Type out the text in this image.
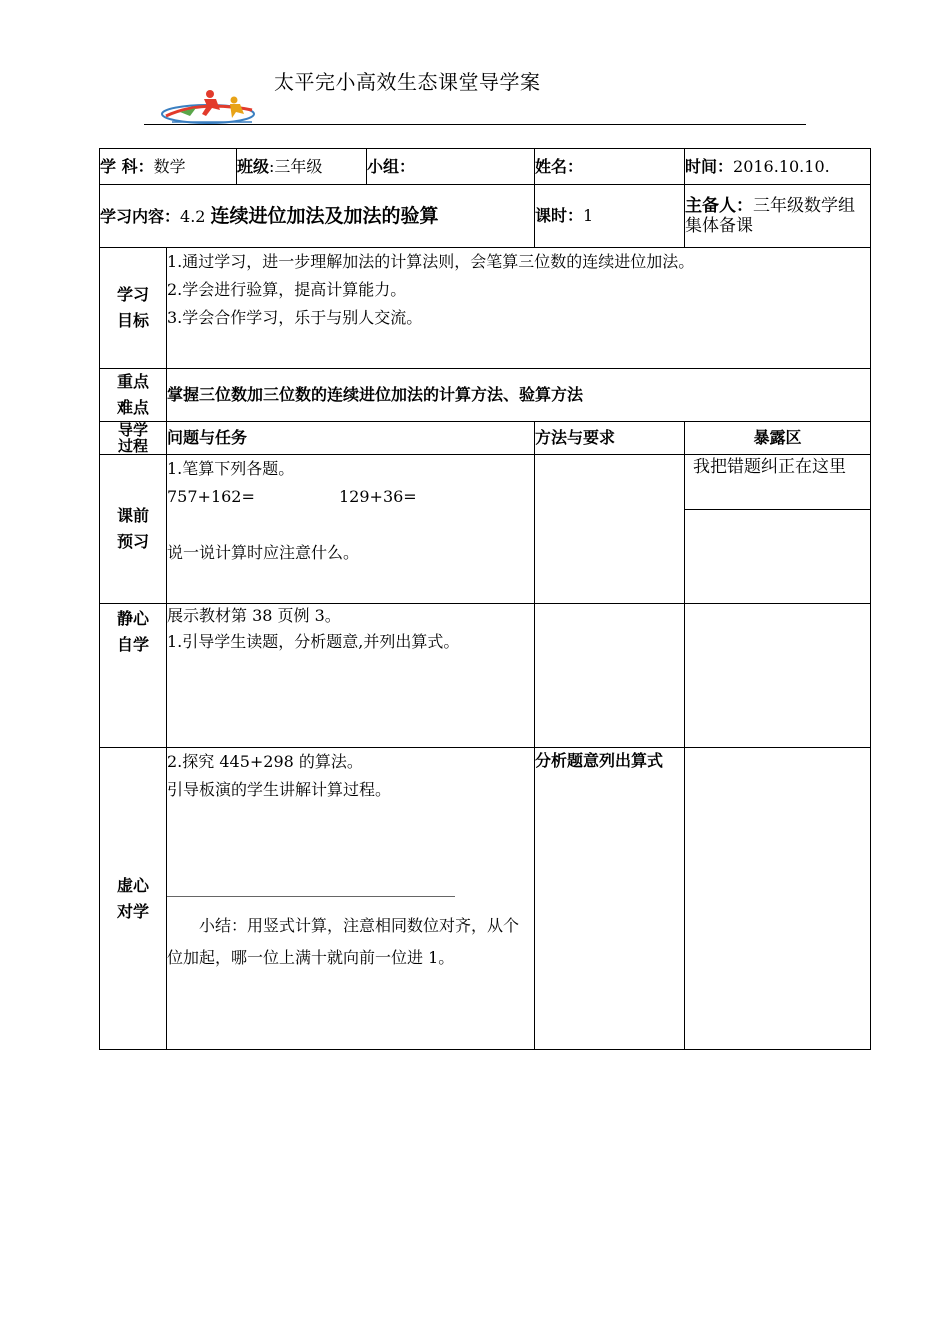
太平完小高效生态课堂导学案
学 科：数学		班级:三年级	小组：	姓名：	时间：2016.10.10.
学习内容：4.2 连续进位加法及加法的验算				课时：1	主备人：三年级数学组集体备课

学习目标	1.通过学习，进一步理解加法的计算法则，会笔算三位数的连续进位加法。
2.学会进行验算，提高计算能力。
3.学会合作学习，乐于与别人交流。				

重点难点	掌握三位数加三位数的连续进位加法的计算方法、验算方法				

导学过程	问题与任务			方法与要求	暴露区

课前预习	1.笔算下列各题。
757+162= 129+36=
说一说计算时应注意什么。				我把错题纠正在这里

静心自学	展示教材第 38 页例 3。
1.引导学生读题，分析题意,并列出算式。				

虚心对学	2.探究 445+298 的算法。
引导板演的学生讲解计算过程。
____________________________________
小结：用竖式计算，注意相同数位对齐，从个位加起，哪一位上满十就向前一位进 1。			分析题意列出算式	
